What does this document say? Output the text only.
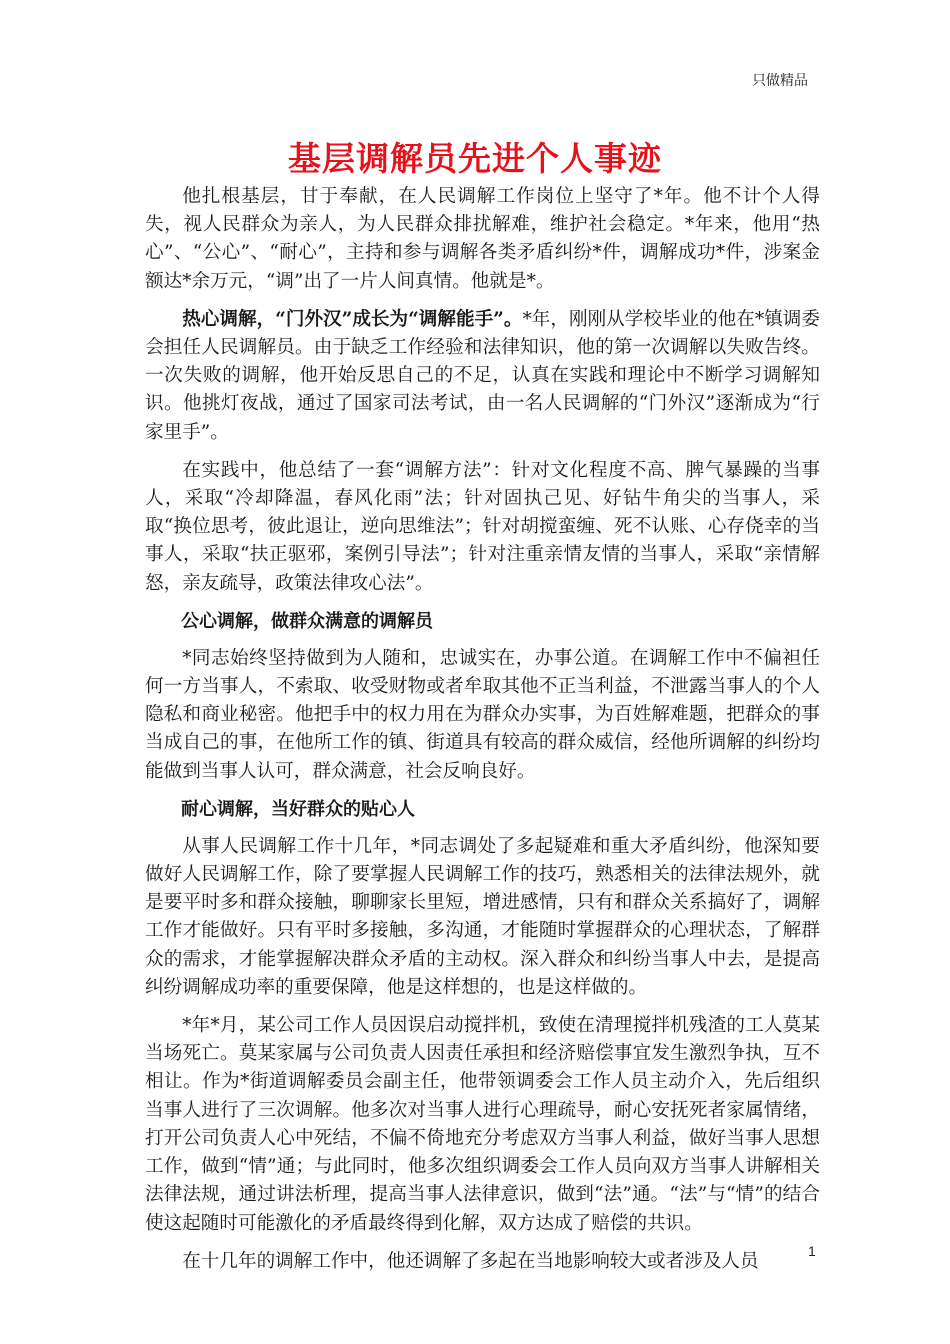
只做精品
基层调解员先进个人事迹

他扎根基层，甘于奉献，在人民调解工作岗位上坚守了*年。他不计个人得失，视人民群众为亲人，为人民群众排扰解难，维护社会稳定。*年来，他用“热心”、“公心”、“耐心”，主持和参与调解各类矛盾纠纷*件，调解成功*件，涉案金额达*余万元，“调”出了一片人间真情。他就是*。

热心调解，“门外汉”成长为“调解能手”。*年，刚刚从学校毕业的他在*镇调委会担任人民调解员。由于缺乏工作经验和法律知识，他的第一次调解以失败告终。一次失败的调解，他开始反思自己的不足，认真在实践和理论中不断学习调解知识。他挑灯夜战，通过了国家司法考试，由一名人民调解的“门外汉”逐渐成为“行家里手”。

在实践中，他总结了一套“调解方法”：针对文化程度不高、脾气暴躁的当事人，采取“冷却降温，春风化雨”法；针对固执己见、好钻牛角尖的当事人，采取“换位思考，彼此退让，逆向思维法”；针对胡搅蛮缠、死不认账、心存侥幸的当事人，采取“扶正驱邪，案例引导法”；针对注重亲情友情的当事人，采取“亲情解怒，亲友疏导，政策法律攻心法”。

公心调解，做群众满意的调解员

*同志始终坚持做到为人随和，忠诚实在，办事公道。在调解工作中不偏袒任何一方当事人，不索取、收受财物或者牟取其他不正当利益，不泄露当事人的个人隐私和商业秘密。他把手中的权力用在为群众办实事，为百姓解难题，把群众的事当成自己的事，在他所工作的镇、街道具有较高的群众威信，经他所调解的纠纷均能做到当事人认可，群众满意，社会反响良好。

耐心调解，当好群众的贴心人

从事人民调解工作十几年，*同志调处了多起疑难和重大矛盾纠纷，他深知要做好人民调解工作，除了要掌握人民调解工作的技巧，熟悉相关的法律法规外，就是要平时多和群众接触，聊聊家长里短，增进感情，只有和群众关系搞好了，调解工作才能做好。只有平时多接触，多沟通，才能随时掌握群众的心理状态，了解群众的需求，才能掌握解决群众矛盾的主动权。深入群众和纠纷当事人中去，是提高纠纷调解成功率的重要保障，他是这样想的，也是这样做的。

*年*月，某公司工作人员因误启动搅拌机，致使在清理搅拌机残渣的工人莫某当场死亡。莫某家属与公司负责人因责任承担和经济赔偿事宜发生激烈争执，互不相让。作为*街道调解委员会副主任，他带领调委会工作人员主动介入，先后组织当事人进行了三次调解。他多次对当事人进行心理疏导，耐心安抚死者家属情绪，打开公司负责人心中死结，不偏不倚地充分考虑双方当事人利益，做好当事人思想工作，做到“情”通；与此同时，他多次组织调委会工作人员向双方当事人讲解相关法律法规，通过讲法析理，提高当事人法律意识，做到“法”通。“法”与“情”的结合使这起随时可能激化的矛盾最终得到化解，双方达成了赔偿的共识。

在十几年的调解工作中，他还调解了多起在当地影响较大或者涉及人员	1
